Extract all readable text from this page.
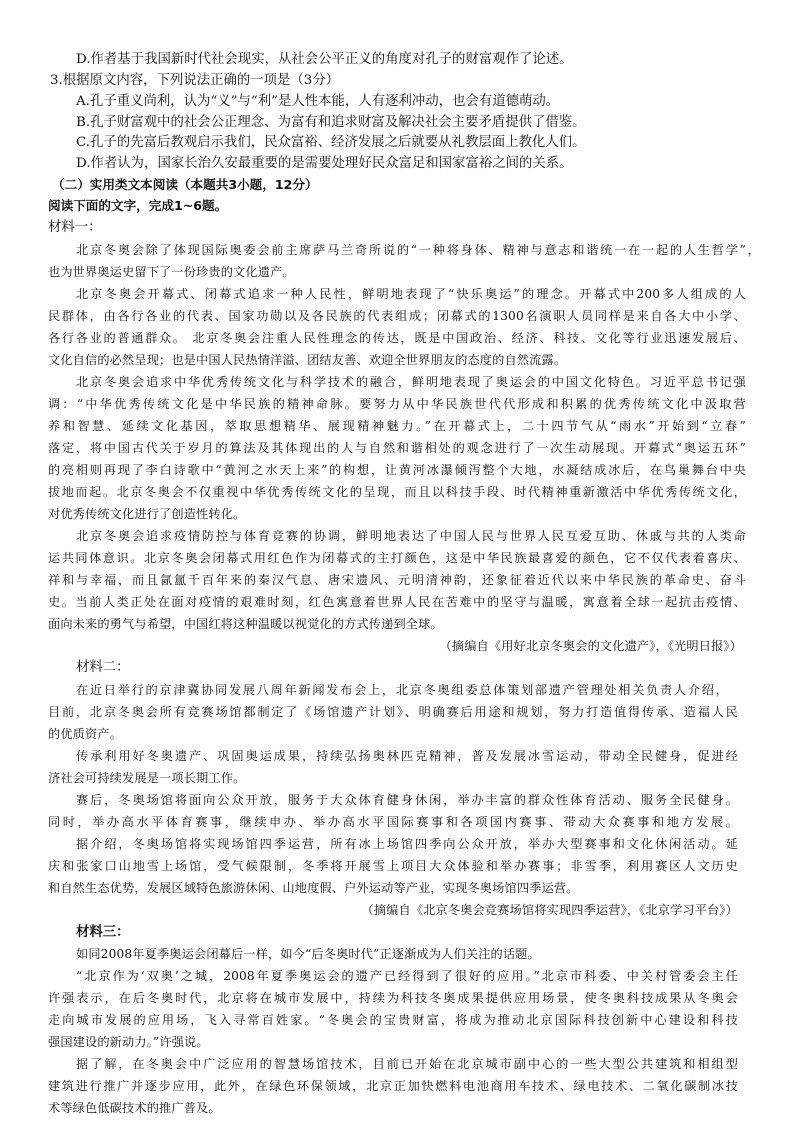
D.作者基于我国新时代社会现实，从社会公平正义的角度对孔子的财富观作了论述。
3.根据原文内容，下列说法正确的一项是（3分）
A.孔子重义尚利，认为“义”与“利”是人性本能，人有逐利冲动，也会有道德萌动。
B.孔子财富观中的社会公正理念、为富有和追求财富及解决社会主要矛盾提供了借鉴。
C.孔子的先富后教观启示我们，民众富裕、经济发展之后就要从礼教层面上教化人们。
D.作者认为，国家长治久安最重要的是需要处理好民众富足和国家富裕之间的关系。
（二）实用类文本阅读（本题共3小题，12分）
阅读下面的文字，完成1~6题。
材料一：
北京冬奥会除了体现国际奥委会前主席萨马兰奇所说的“一种将身体、精神与意志和谐统一在一起的人生哲学”，
也为世界奥运史留下了一份珍贵的文化遗产。
北京冬奥会开幕式、闭幕式追求一种人民性，鲜明地表现了“快乐奥运”的理念。开幕式中200多人组成的人
民群体，由各行各业的代表、国家功勋以及各民族的代表组成；闭幕式的1300名演职人员同样是来自各大中小学、
各行各业的普通群众。 北京冬奥会注重人民性理念的传达，既是中国政治、经济、科技、文化等行业迅速发展后、
文化自信的必然呈现；也是中国人民热情洋溢、团结友善、欢迎全世界朋友的态度的自然流露。
北京冬奥会追求中华优秀传统文化与科学技术的融合，鲜明地表现了奥运会的中国文化特色。习近平总书记强
调：“中华优秀传统文化是中华民族的精神命脉。要努力从中华民族世代代形成和积累的优秀传统文化中汲取营
养和智慧、延续文化基因，萃取思想精华、展现精神魅力。”在开幕式上，二十四节气从“雨水”开始到“立春”
落定，将中国古代关于岁月的算法及其体现出的人与自然和谐相处的观念进行了一次生动展现。开幕式“奥运五环”
的亮相则再现了李白诗歌中“黄河之水天上来”的构想，让黄河冰瀑倾泻整个大地，水凝结成冰后，在鸟巢舞台中央
拔地而起。北京冬奥会不仅重视中华优秀传统文化的呈现，而且以科技手段、时代精神重新激活中华优秀传统文化，
对优秀传统文化进行了创造性转化。
北京冬奥会追求疫情防控与体育竞赛的协调，鲜明地表达了中国人民与世界人民互爱互助、休戚与共的人类命
运共同体意识。北京冬奥会闭幕式用红色作为闭幕式的主打颜色，这是中华民族最喜爱的颜色，它不仅代表着喜庆、
祥和与幸福，而且氤氲千百年来的秦汉气息、唐宋遗风、元明清神韵，还象征着近代以来中华民族的革命史、奋斗
史。当前人类正处在面对疫情的艰难时刻，红色寓意着世界人民在苦难中的坚守与温暖，寓意着全球一起抗击疫情、
面向未来的勇气与希望，中国红将这种温暖以视觉化的方式传递到全球。
（摘编自《用好北京冬奥会的文化遗产》，《光明日报》）
材料二：
在近日举行的京津冀协同发展八周年新闻发布会上，北京冬奥组委总体策划部遗产管理处相关负责人介绍，
目前，北京冬奥会所有竞赛场馆都制定了《场馆遗产计划》、明确赛后用途和规划，努力打造值得传承、造福人民
的优质资产。
传承利用好冬奥遗产、巩固奥运成果，持续弘扬奥林匹克精神，普及发展冰雪运动，带动全民健身，促进经
济社会可持续发展是一项长期工作。
赛后，冬奥场馆将面向公众开放，服务于大众体育健身休闲，举办丰富的群众性体育活动、服务全民健身。
同时，举办高水平体育赛事，继续申办、举办高水平国际赛事和各项国内赛事、带动大众赛事和地方发展。
据介绍，冬奥场馆将实现场馆四季运营，所有冰上场馆四季向公众开放，举办大型赛事和文化休闲活动。延
庆和张家口山地雪上场馆，受气候限制，冬季将开展雪上项目大众体验和举办赛事；非雪季，利用赛区人文历史
和自然生态优势，发展区域特色旅游休闲、山地度假、户外运动等产业，实现冬奥场馆四季运营。
（摘编自《北京冬奥会竞赛场馆将实现四季运营》，《北京学习平台》）
材料三：
如同2008年夏季奥运会闭幕后一样，如今“后冬奥时代”正逐渐成为人们关注的话题。
“北京作为‘双奥’之城，2008年夏季奥运会的遗产已经得到了很好的应用。”北京市科委、中关村管委会主任
许强表示，在后冬奥时代，北京将在城市发展中，持续为科技冬奥成果提供应用场景，使冬奥科技成果从冬奥会
走向城市发展的应用场，飞入寻常百姓家。“冬奥会的宝贵财富，将成为推动北京国际科技创新中心建设和科技
强国建设的新动力。”许强说。
据了解，在冬奥会中广泛应用的智慧场馆技术，目前已开始在北京城市副中心的一些大型公共建筑和相组型
建筑进行推广并逐步应用，此外，在绿色环保领域，北京正加快燃料电池商用车技术、绿电技术、二氧化碳制冰技
术等绿色低碳技术的推广普及。
